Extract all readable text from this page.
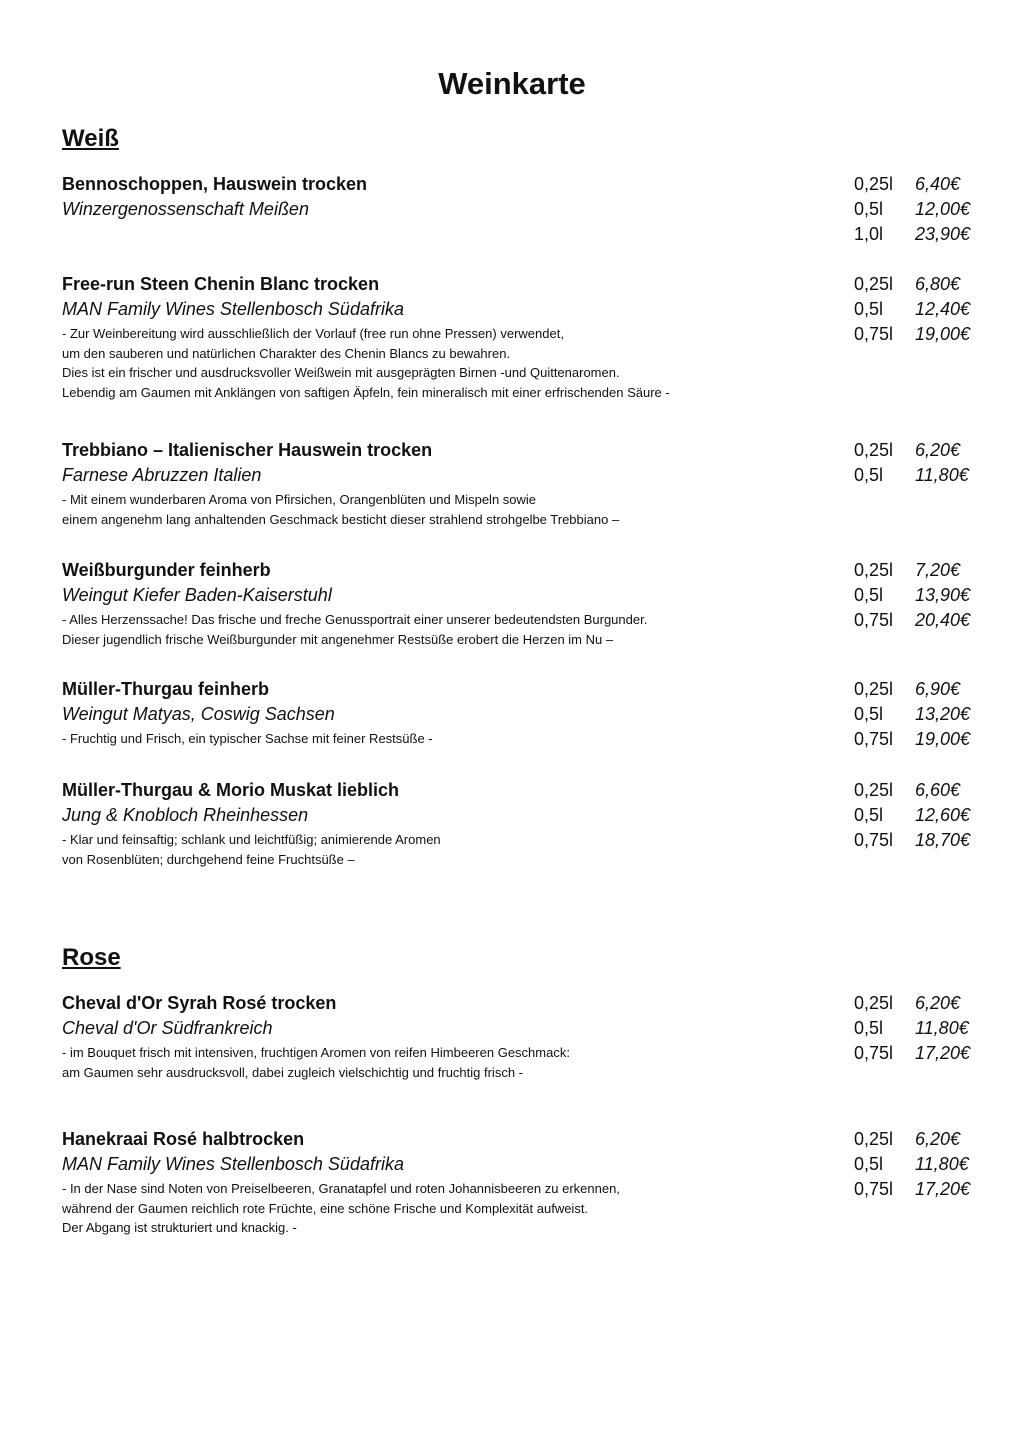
Weinkarte
Weiß
Rose
Bennoschoppen, Hauswein trocken
Winzergenossenschaft Meißen
0,25l 6,40€
0,5l 12,00€
1,0l 23,90€
Free-run Steen Chenin Blanc trocken
MAN Family Wines Stellenbosch Südafrika
- Zur Weinbereitung wird ausschließlich der Vorlauf (free run ohne Pressen) verwendet,
um den sauberen und natürlichen Charakter des Chenin Blancs zu bewahren.
Dies ist ein frischer und ausdrucksvoller Weißwein mit ausgeprägten Birnen -und Quittenaromen.
Lebendig am Gaumen mit Anklängen von saftigen Äpfeln, fein mineralisch mit einer erfrischenden Säure -
0,25l 6,80€
0,5l 12,40€
0,75l 19,00€
Trebbiano – Italienischer Hauswein trocken
Farnese Abruzzen Italien
- Mit einem wunderbaren Aroma von Pfirsichen, Orangenblüten und Mispeln sowie
einem angenehm lang anhaltenden Geschmack besticht dieser strahlend strohgelbe Trebbiano –
0,25l 6,20€
0,5l 11,80€
Weißburgunder feinherb
Weingut Kiefer Baden-Kaiserstuhl
- Alles Herzenssache! Das frische und freche Genussportrait einer unserer bedeutendsten Burgunder.
Dieser jugendlich frische Weißburgunder mit angenehmer Restsüße erobert die Herzen im Nu –
0,25l 7,20€
0,5l 13,90€
0,75l 20,40€
Müller-Thurgau feinherb
Weingut Matyas, Coswig Sachsen
- Fruchtig und Frisch, ein typischer Sachse mit feiner Restsüße -
0,25l 6,90€
0,5l 13,20€
0,75l 19,00€
Müller-Thurgau & Morio Muskat lieblich
Jung & Knobloch Rheinhessen
- Klar und feinsaftig; schlank und leichtfüßig; animierende Aromen
von Rosenblüten; durchgehend feine Fruchtsüße –
0,25l 6,60€
0,5l 12,60€
0,75l 18,70€
Cheval d'Or Syrah Rosé trocken
Cheval d'Or Südfrankreich
- im Bouquet frisch mit intensiven, fruchtigen Aromen von reifen Himbeeren Geschmack:
am Gaumen sehr ausdrucksvoll, dabei zugleich vielschichtig und fruchtig frisch -
0,25l 6,20€
0,5l 11,80€
0,75l 17,20€
Hanekraai Rosé halbtrocken
MAN Family Wines Stellenbosch Südafrika
- In der Nase sind Noten von Preiselbeeren, Granatapfel und roten Johannisbeeren zu erkennen,
während der Gaumen reichlich rote Früchte, eine schöne Frische und Komplexität aufweist.
Der Abgang ist strukturiert und knackig. -
0,25l 6,20€
0,5l 11,80€
0,75l 17,20€
